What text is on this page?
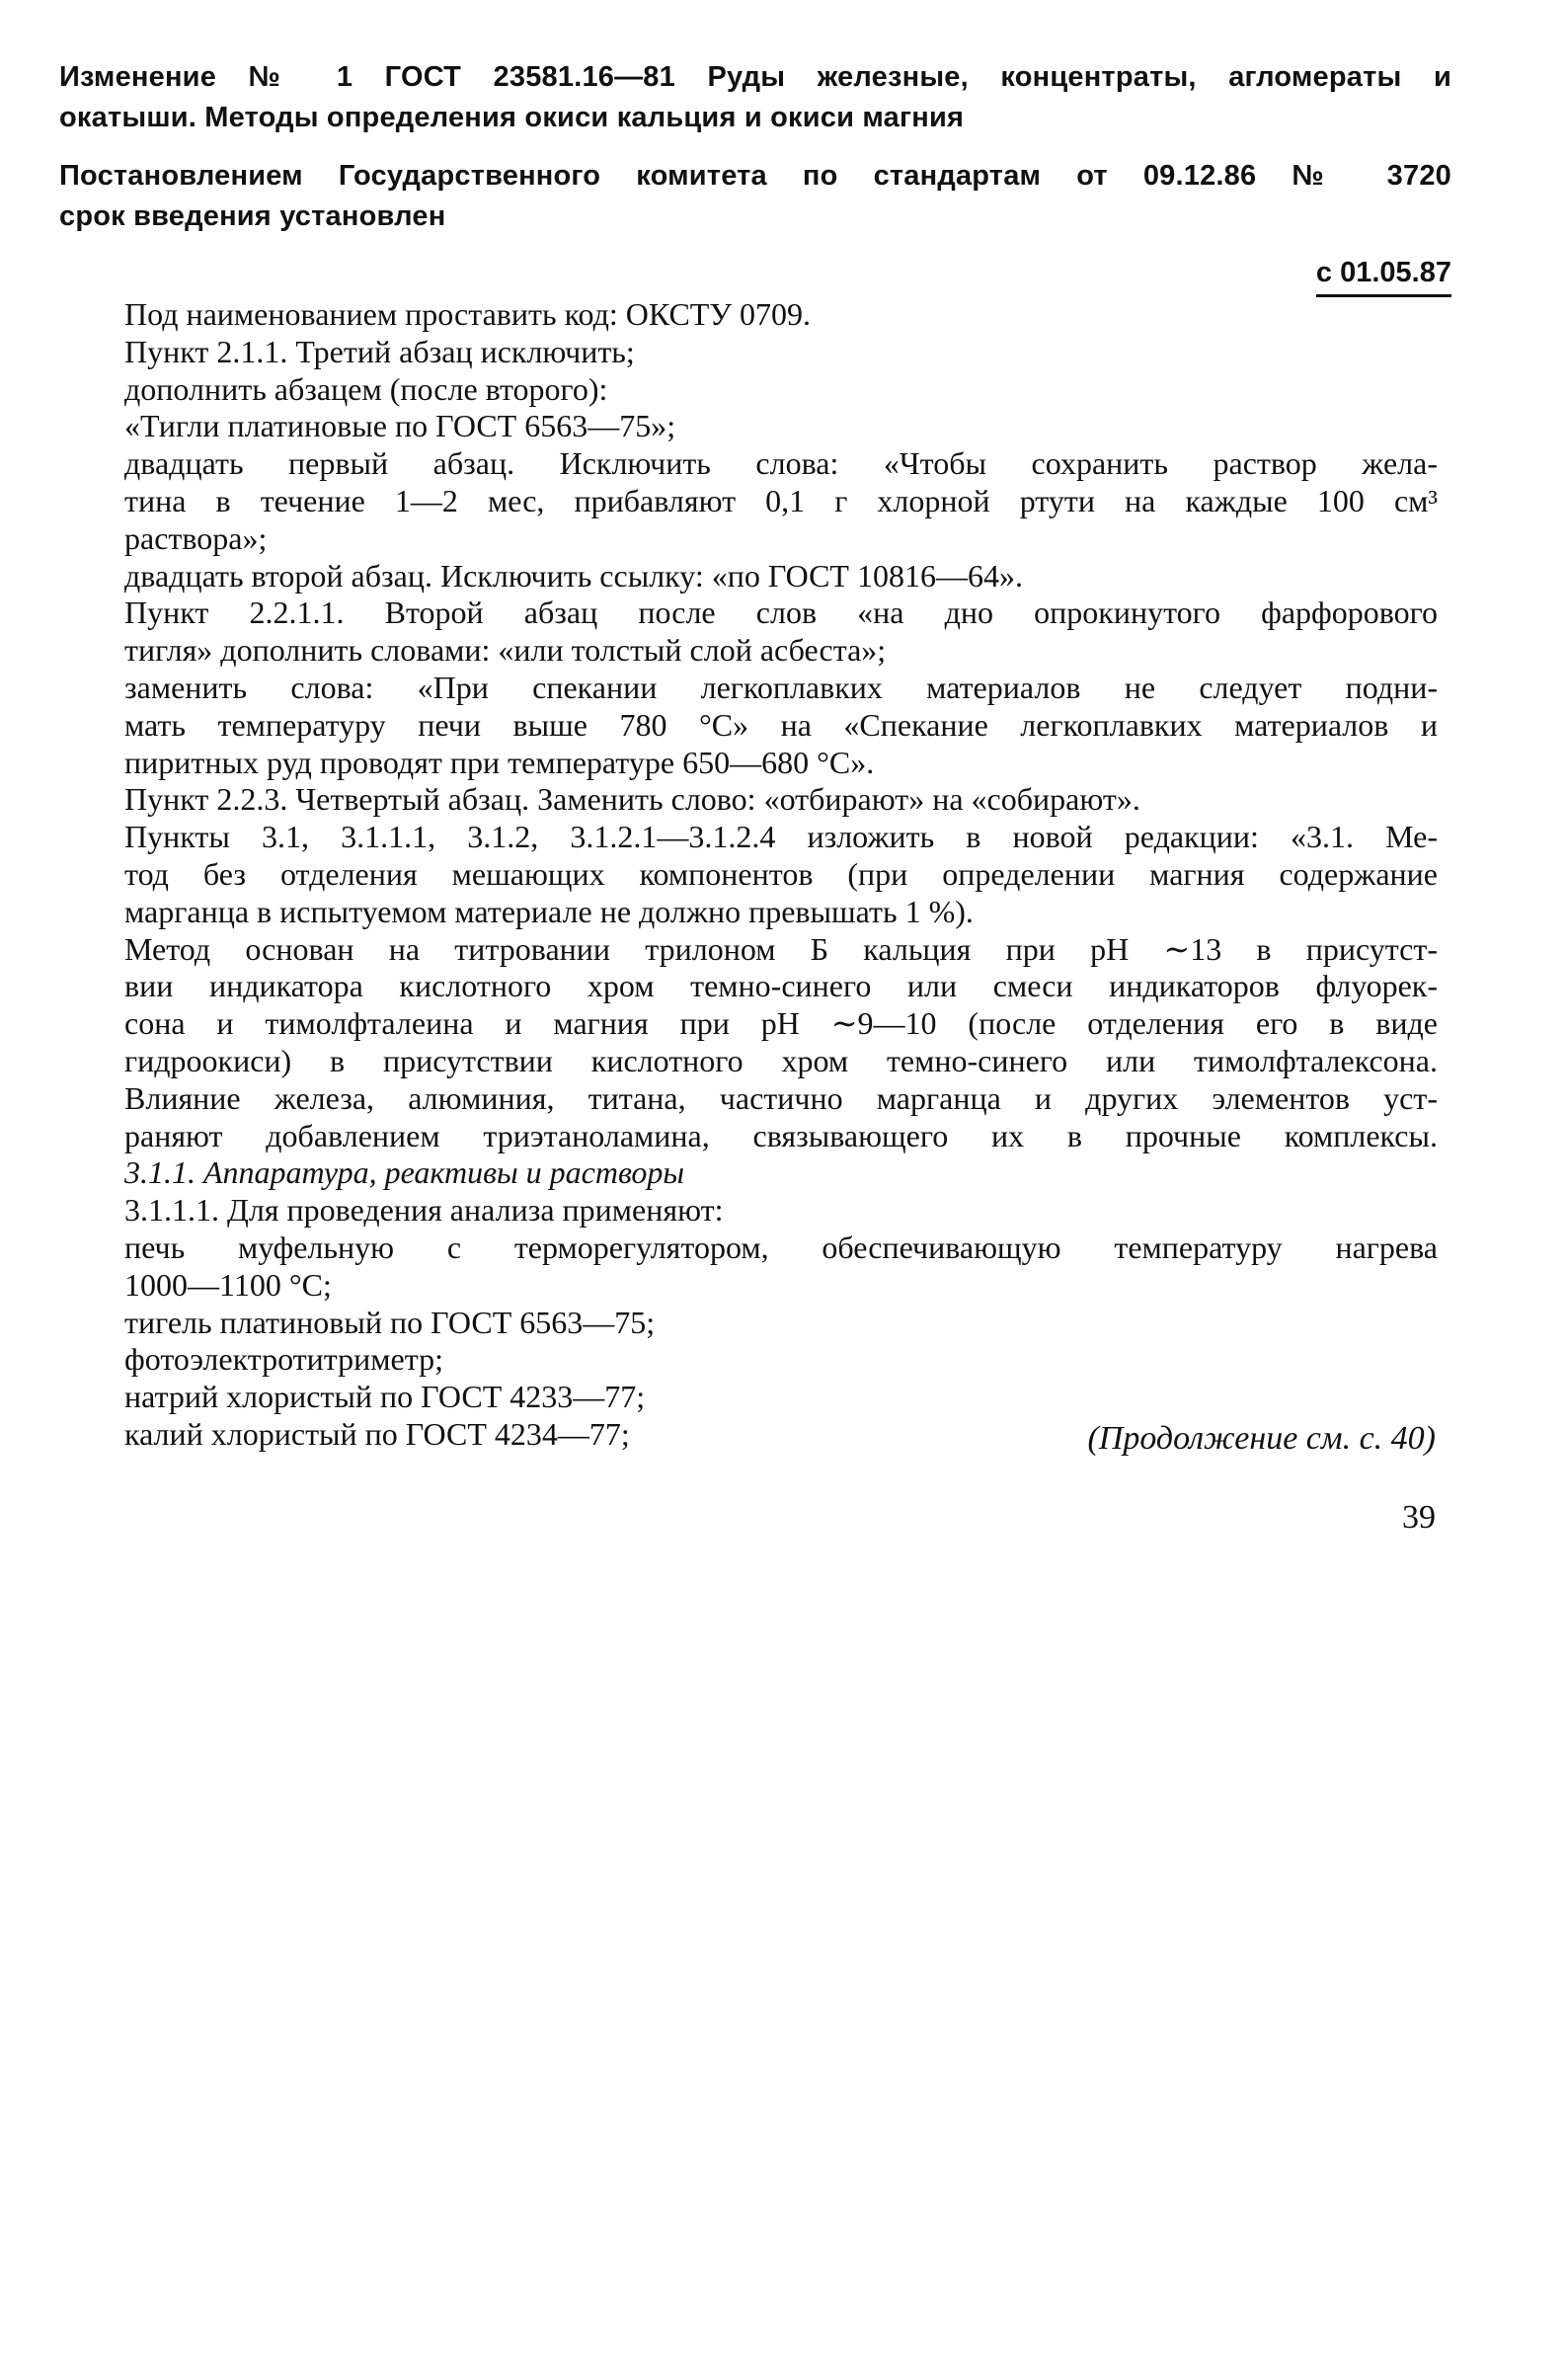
Изменение № 1 ГОСТ 23581.16—81 Руды железные, концентраты, агломераты и
окатыши. Методы определения окиси кальция и окиси магния
Постановлением Государственного комитета по стандартам от 09.12.86 № 3720
срок введения установлен
с 01.05.87
Под наименованием проставить код: ОКСТУ 0709.
Пункт 2.1.1. Третий абзац исключить;
дополнить абзацем (после второго):
«Тигли платиновые по ГОСТ 6563—75»;
двадцать первый абзац. Исключить слова: «Чтобы сохранить раствор жела-
тина в течение 1—2 мес, прибавляют 0,1 г хлорной ртути на каждые 100 см³
раствора»;
двадцать второй абзац. Исключить ссылку: «по ГОСТ 10816—64».
Пункт 2.2.1.1. Второй абзац после слов «на дно опрокинутого фарфорового
тигля» дополнить словами: «или толстый слой асбеста»;
заменить слова: «При спекании легкоплавких материалов не следует подни-
мать температуру печи выше 780 °С» на «Спекание легкоплавких материалов и
пиритных руд проводят при температуре 650—680 °С».
Пункт 2.2.3. Четвертый абзац. Заменить слово: «отбирают» на «собирают».
Пункты 3.1, 3.1.1.1, 3.1.2, 3.1.2.1—3.1.2.4 изложить в новой редакции: «3.1. Ме-
тод без отделения мешающих компонентов (при определении магния содержание
марганца в испытуемом материале не должно превышать 1 %).
Метод основан на титровании трилоном Б кальция при рН ∼13 в присутст-
вии индикатора кислотного хром темно-синего или смеси индикаторов флуорек-
сона и тимолфталеина и магния при рН ∼9—10 (после отделения его в виде
гидроокиси) в присутствии кислотного хром темно-синего или тимолфталексона.
Влияние железа, алюминия, титана, частично марганца и других элементов уст-
раняют добавлением триэтаноламина, связывающего их в прочные комплексы.
3.1.1. Аппаратура, реактивы и растворы
3.1.1.1. Для проведения анализа применяют:
печь муфельную с терморегулятором, обеспечивающую температуру нагрева
1000—1100 °С;
тигель платиновый по ГОСТ 6563—75;
фотоэлектротитриметр;
натрий хлористый по ГОСТ 4233—77;
калий хлористый по ГОСТ 4234—77;	(Продолжение см. с. 40)
39
